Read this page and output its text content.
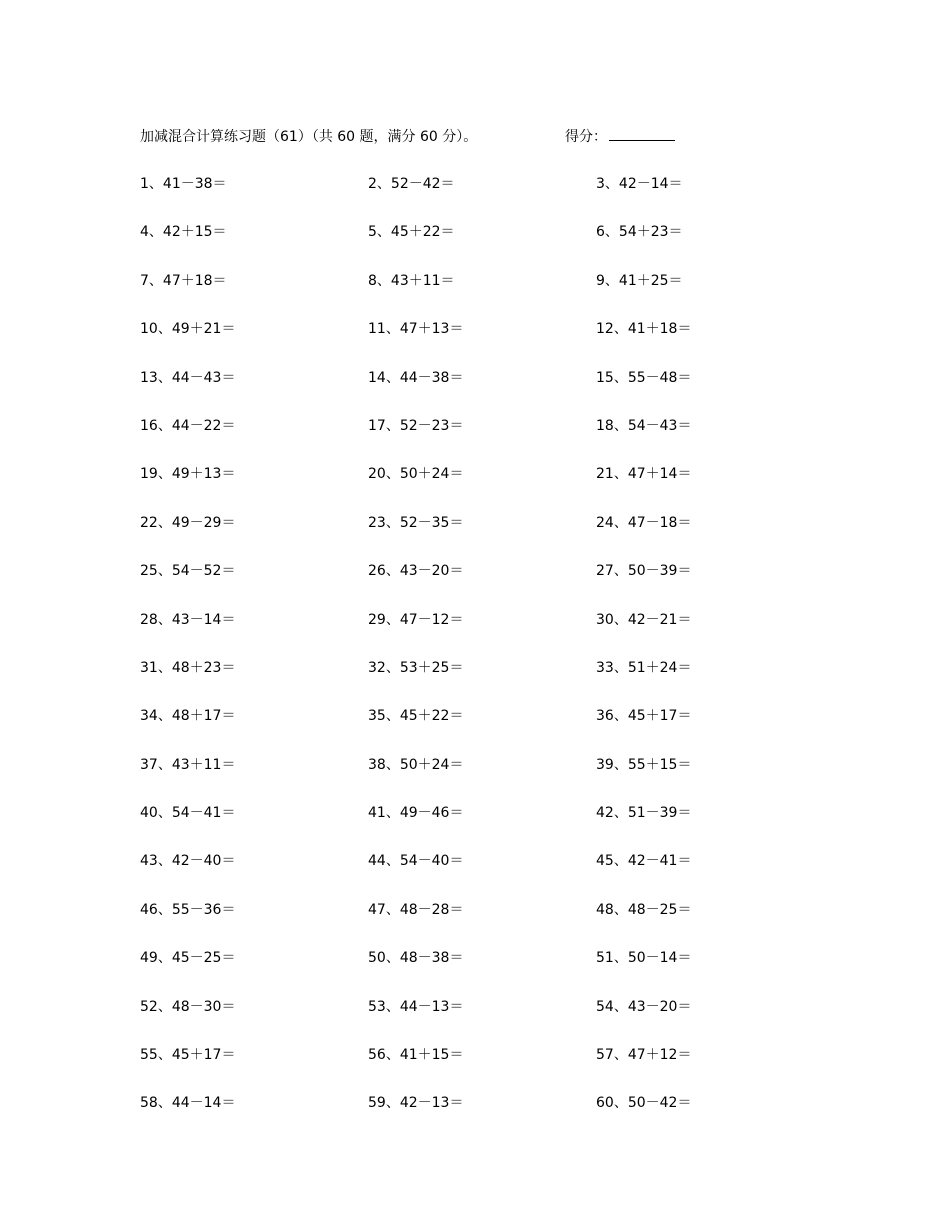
加减混合计算练习题（61）（共 60 题，满分 60 分）。	得分：
1、41－38＝	2、52－42＝	3、42－14＝
4、42＋15＝	5、45＋22＝	6、54＋23＝
7、47＋18＝	8、43＋11＝	9、41＋25＝
10、49＋21＝	11、47＋13＝	12、41＋18＝
13、44－43＝	14、44－38＝	15、55－48＝
16、44－22＝	17、52－23＝	18、54－43＝
19、49＋13＝	20、50＋24＝	21、47＋14＝
22、49－29＝	23、52－35＝	24、47－18＝
25、54－52＝	26、43－20＝	27、50－39＝
28、43－14＝	29、47－12＝	30、42－21＝
31、48＋23＝	32、53＋25＝	33、51＋24＝
34、48＋17＝	35、45＋22＝	36、45＋17＝
37、43＋11＝	38、50＋24＝	39、55＋15＝
40、54－41＝	41、49－46＝	42、51－39＝
43、42－40＝	44、54－40＝	45、42－41＝
46、55－36＝	47、48－28＝	48、48－25＝
49、45－25＝	50、48－38＝	51、50－14＝
52、48－30＝	53、44－13＝	54、43－20＝
55、45＋17＝	56、41＋15＝	57、47＋12＝
58、44－14＝	59、42－13＝	60、50－42＝
